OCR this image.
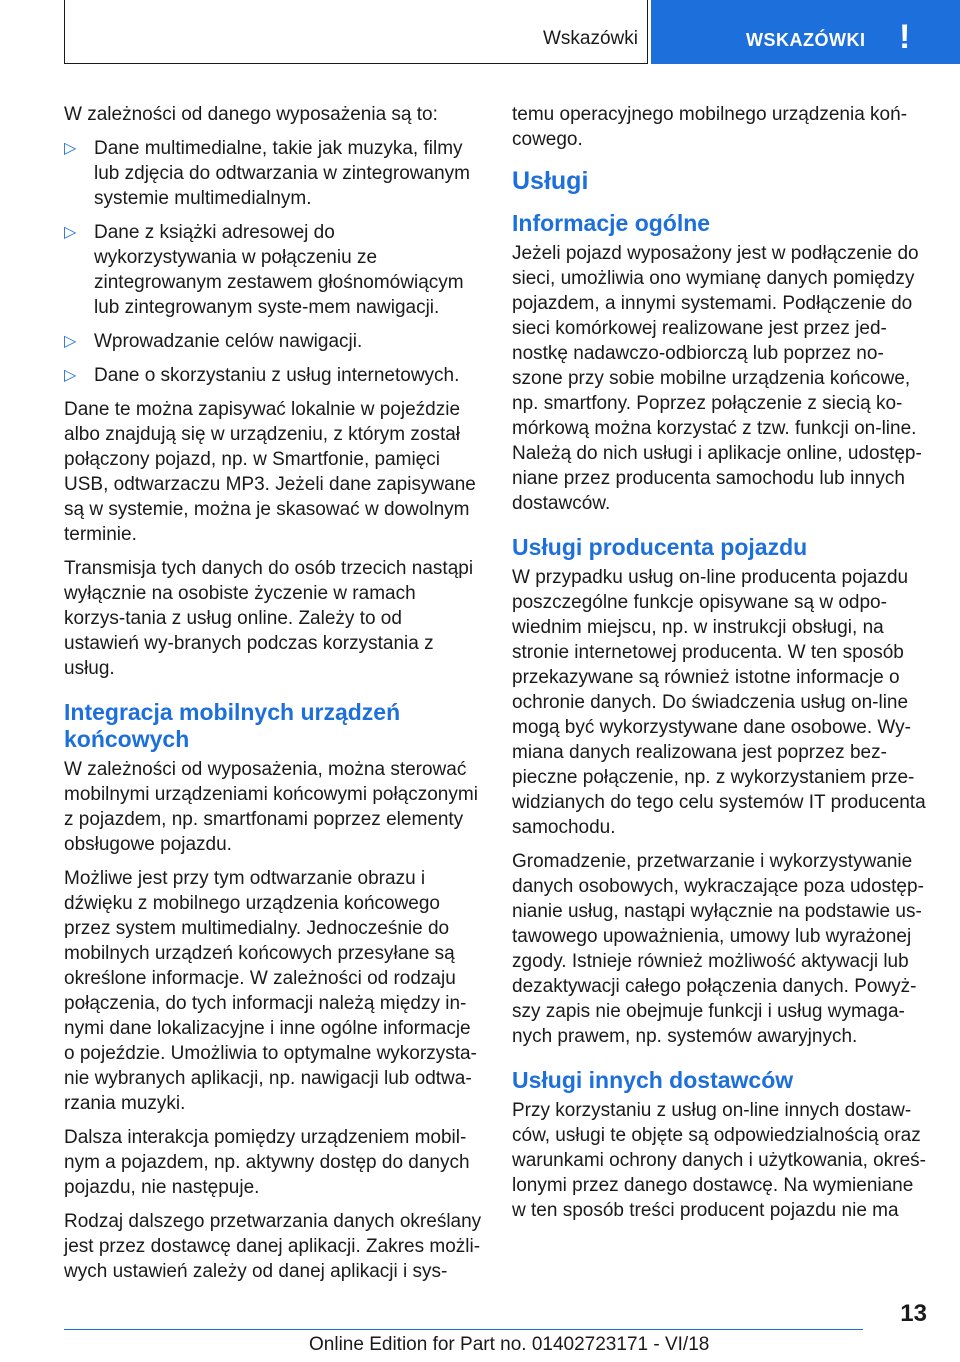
Wskazówki	WSKAZÓWKI !

W zależności od danego wyposażenia są to:

▷ Dane multimedialne, takie jak muzyka, filmy lub zdjęcia do odtwarzania w zintegrowanym systemie multimedialnym.
▷ Dane z książki adresowej do wykorzystywania w połączeniu ze zintegrowanym zestawem głośnomówiącym lub zintegrowanym syste-mem nawigacji.
▷ Wprowadzanie celów nawigacji.
▷ Dane o skorzystaniu z usług internetowych.

Dane te można zapisywać lokalnie w pojeździe albo znajdują się w urządzeniu, z którym został połączony pojazd, np. w Smartfonie, pamięci USB, odtwarzaczu MP3. Jeżeli dane zapisywane są w systemie, można je skasować w dowolnym terminie.

Transmisja tych danych do osób trzecich nastąpi wyłącznie na osobiste życzenie w ramach korzys-tania z usług online. Zależy to od ustawień wy-branych podczas korzystania z usług.

Integracja mobilnych urządzeń końcowych

W zależności od wyposażenia, można sterować mobilnymi urządzeniami końcowymi połączonymi z pojazdem, np. smartfonami poprzez elementy obsługowe pojazdu.

Możliwe jest przy tym odtwarzanie obrazu i dźwięku z mobilnego urządzenia końcowego przez system multimedialny. Jednocześnie do mobilnych urządzeń końcowych przesyłane są określone informacje. W zależności od rodzaju połączenia, do tych informacji należą między in-nymi dane lokalizacyjne i inne ogólne informacje o pojeździe. Umożliwia to optymalne wykorzysta-nie wybranych aplikacji, np. nawigacji lub odtwa-rzania muzyki.

Dalsza interakcja pomiędzy urządzeniem mobil-nym a pojazdem, np. aktywny dostęp do danych pojazdu, nie następuje.

Rodzaj dalszego przetwarzania danych określany jest przez dostawcę danej aplikacji. Zakres możli-wych ustawień zależy od danej aplikacji i sys-

temu operacyjnego mobilnego urządzenia koń-cowego.

Usługi
Informacje ogólne

Jeżeli pojazd wyposażony jest w podłączenie do sieci, umożliwia ono wymianę danych pomiędzy pojazdem, a innymi systemami. Podłączenie do sieci komórkowej realizowane jest przez jed-nostkę nadawczo-odbiorczą lub poprzez no-szone przy sobie mobilne urządzenia końcowe, np. smartfony. Poprzez połączenie z siecią ko-mórkową można korzystać z tzw. funkcji on-line. Należą do nich usługi i aplikacje online, udostęp-niane przez producenta samochodu lub innych dostawców.

Usługi producenta pojazdu

W przypadku usług on-line producenta pojazdu poszczególne funkcje opisywane są w odpo-wiednim miejscu, np. w instrukcji obsługi, na stronie internetowej producenta. W ten sposób przekazywane są również istotne informacje o ochronie danych. Do świadczenia usług on-line mogą być wykorzystywane dane osobowe. Wy-miana danych realizowana jest poprzez bez-pieczne połączenie, np. z wykorzystaniem prze-widzianych do tego celu systemów IT producenta samochodu.

Gromadzenie, przetwarzanie i wykorzystywanie danych osobowych, wykraczające poza udostęp-nianie usług, nastąpi wyłącznie na podstawie us-tawowego upoważnienia, umowy lub wyrażonej zgody. Istnieje również możliwość aktywacji lub dezaktywacji całego połączenia danych. Powyż-szy zapis nie obejmuje funkcji i usług wymaga-nych prawem, np. systemów awaryjnych.

Usługi innych dostawców

Przy korzystaniu z usług on-line innych dostaw-ców, usługi te objęte są odpowiedzialnością oraz warunkami ochrony danych i użytkowania, okreś-lonymi przez danego dostawcę. Na wymieniane w ten sposób treści producent pojazdu nie ma

13
Online Edition for Part no. 01402723171 - VI/18
